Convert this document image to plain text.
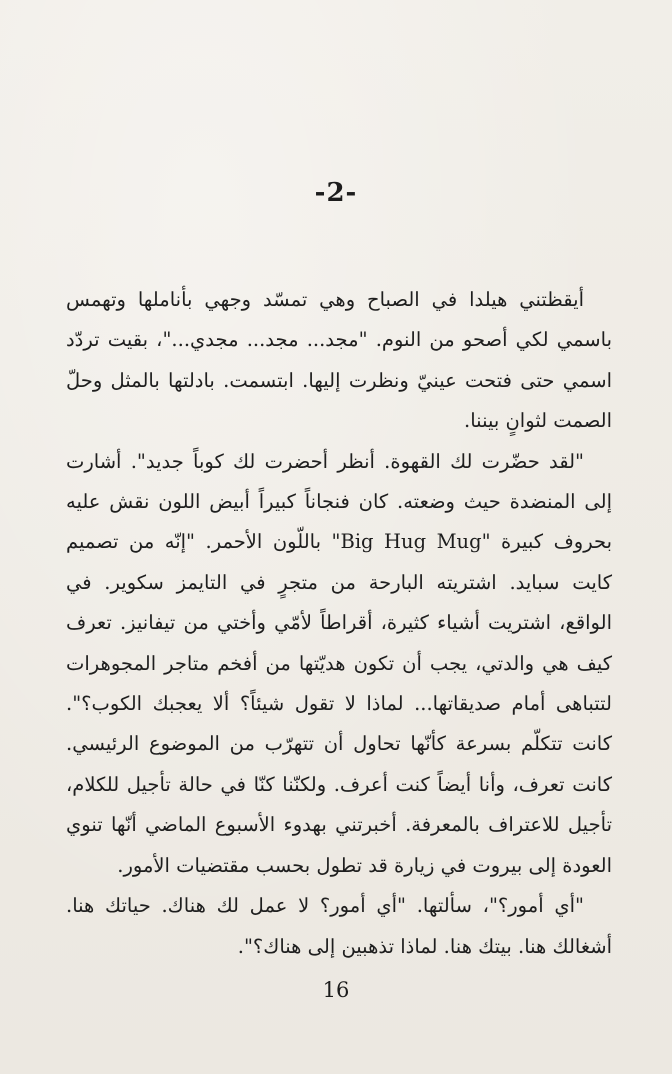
-2-

أيقظتني هيلدا في الصباح وهي تمسّد وجهي بأناملها وتهمس باسمي لكي أصحو من النوم. "مجد... مجد... مجدي..."، بقيت تردّد اسمي حتى فتحت عينيّ ونظرت إليها. ابتسمت. بادلتها بالمثل وحلّ الصمت لثوانٍ بيننا.

"لقد حضّرت لك القهوة. أنظر أحضرت لك كوباً جديد". أشارت إلى المنضدة حيث وضعته. كان فنجاناً كبيراً أبيض اللون نقش عليه بحروف كبيرة "Big Hug Mug" باللّون الأحمر. "إنّه من تصميم كايت سبايد. اشتريته البارحة من متجرٍ في التايمز سكوير. في الواقع، اشتريت أشياء كثيرة، أقراطاً لأمّي وأختي من تيفانيز. تعرف كيف هي والدتي، يجب أن تكون هديّتها من أفخم متاجر المجوهرات لتتباهى أمام صديقاتها... لماذا لا تقول شيئاً؟ ألا يعجبك الكوب؟". كانت تتكلّم بسرعة كأنّها تحاول أن تتهرّب من الموضوع الرئيسي. كانت تعرف، وأنا أيضاً كنت أعرف. ولكنّنا كنّا في حالة تأجيل للكلام، تأجيل للاعتراف بالمعرفة. أخبرتني بهدوء الأسبوع الماضي أنّها تنوي العودة إلى بيروت في زيارة قد تطول بحسب مقتضيات الأمور.

"أي أمور؟"، سألتها. "أي أمور؟ لا عمل لك هناك. حياتك هنا. أشغالك هنا. بيتك هنا. لماذا تذهبين إلى هناك؟".

16
